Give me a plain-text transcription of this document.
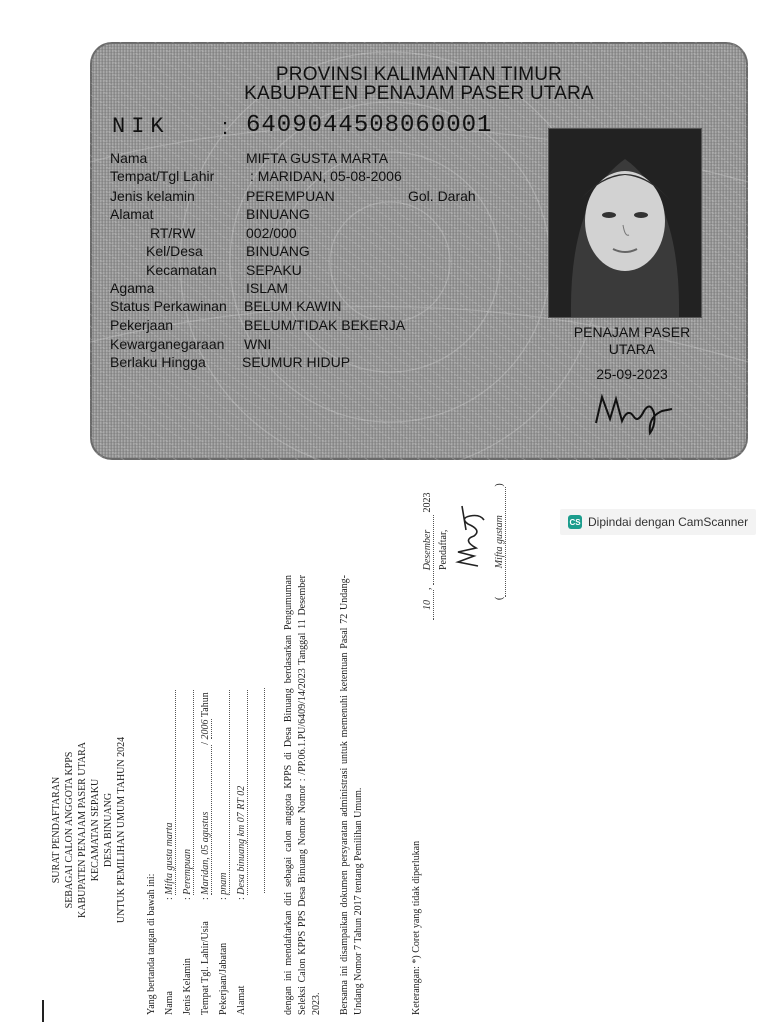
PROVINSI KALIMANTAN TIMUR
KABUPATEN PENAJAM PASER UTARA
NIK : 6409044508060001
Nama	MIFTA GUSTA MARTA
Tempat/Tgl Lahir	: MARIDAN, 05-08-2006
Jenis kelamin	PEREMPUAN	Gol. Darah
Alamat	BINUANG
RT/RW	002/000
Kel/Desa	BINUANG
Kecamatan SEPAKU
Agama	ISLAM
Status Perkawinan BELUM KAWIN
Pekerjaan	BELUM/TIDAK BEKERJA
Kewarganegaraan WNI
Berlaku Hingga	SEUMUR HIDUP
PENAJAM PASER
UTARA
25-09-2023
CS Dipindai dengan CamScanner
SURAT PENDAFTARAN SEBAGAI CALON ANGGOTA KPPS KABUPATEN PENAJAM PASER UTARA KECAMATAN SEPAKU DESA BINUANG UNTUK PEMILIHAN UMUM TAHUN 2024
Yang bertanda tangan di bawah ini: Nama: Mifta gusta marta
Jenis Kelamin: Perempuan
Tempat Tgl. Lahir/Usia: Maridan, 05 agustus/ 2006 Tahun
Pekerjaan/Jabatan: pnam
Alamat: Desa binuang km 07 RT 02	dengan ini mendaftarkan diri sebagai calon anggota KPPS di Desa Binuang berdasarkan Pengumuman Seleksi Calon KPPS PPS Desa Binuang Nomor Nomor : /PP.06.1.PU/6409/14/2023 Tanggal 11 Desember 2023. Bersama ini disampaikan dokumen persyaratan administrasi untuk memenuhi ketentuan Pasal 72 Undang-Undang Nomor 7 Tahun 2017 tentang Pemilihan Umum.	Keterangan: *) Coret yang tidak diperlukan
10, Desember 2023
Pendaftar,
(Mifta gustam)
